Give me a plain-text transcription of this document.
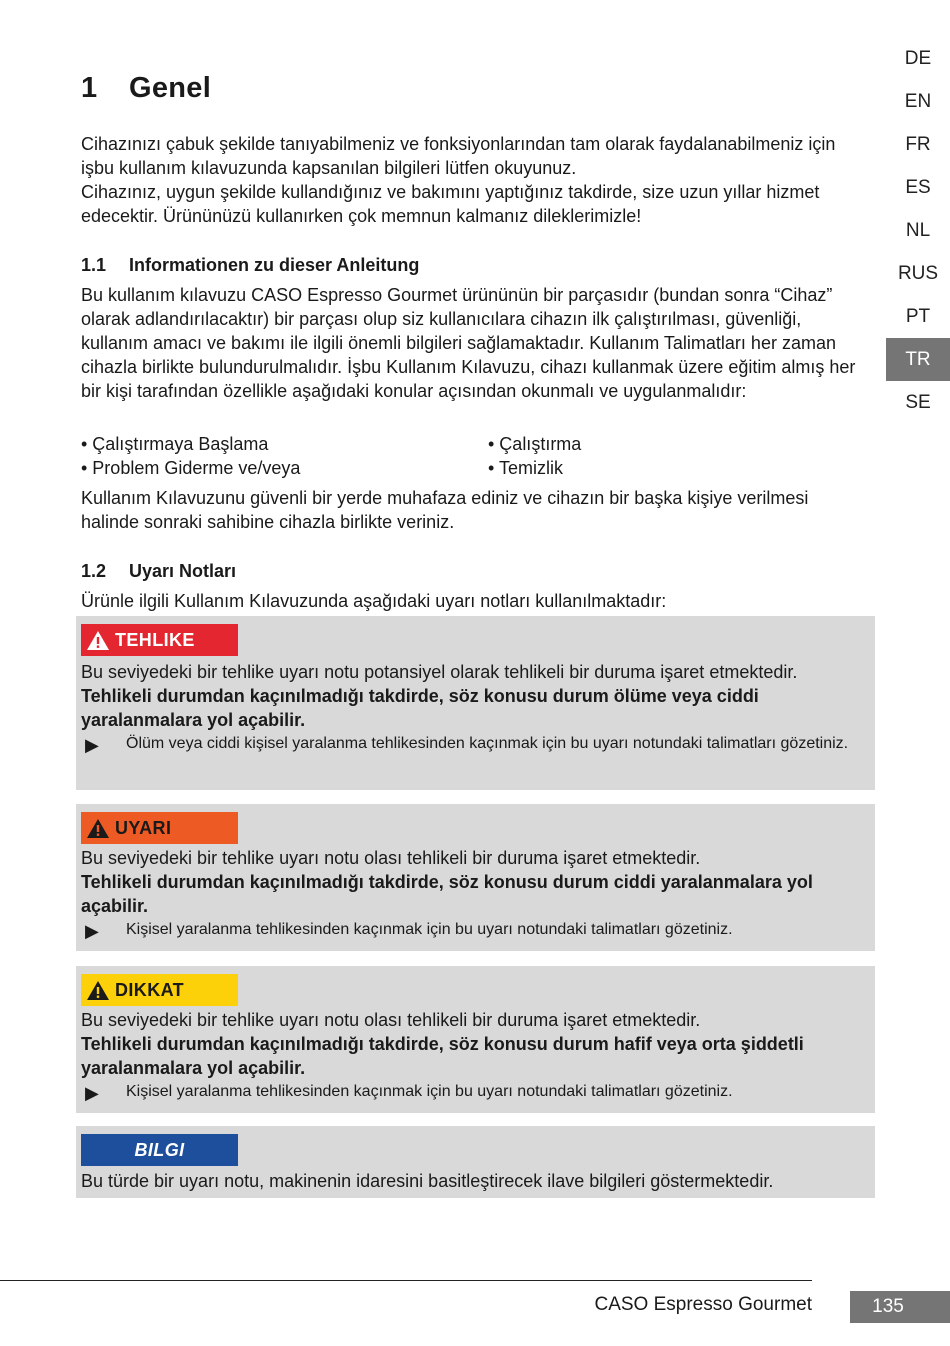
1 Genel

Cihazınızı çabuk şekilde tanıyabilmeniz ve fonksiyonlarından tam olarak faydalanabilmeniz için işbu kullanım kılavuzunda kapsanılan bilgileri lütfen okuyunuz.

Cihazınız, uygun şekilde kullandığınız ve bakımını yaptığınız takdirde, size uzun yıllar hizmet edecektir. Ürününüzü kullanırken çok memnun kalmanız dileklerimizle!

1.1 Informationen zu dieser Anleitung

Bu kullanım kılavuzu CASO Espresso Gourmet ürününün bir parçasıdır (bundan sonra “Cihaz” olarak adlandırılacaktır) bir parçası olup siz kullanıcılara cihazın ilk çalıştırılması, güvenliği, kullanım amacı ve bakımı ile ilgili önemli bilgileri sağlamaktadır. Kullanım Talimatları her zaman cihazla birlikte bulundurulmalıdır. İşbu Kullanım Kılavuzu, cihazı kullanmak üzere eğitim almış her bir kişi tarafından özellikle aşağıdaki konular açısından okunmalı ve uygulanmalıdır:

• Çalıştırmaya Başlama	• Çalıştırma
• Problem Giderme ve/veya	• Temizlik

Kullanım Kılavuzunu güvenli bir yerde muhafaza ediniz ve cihazın bir başka kişiye verilmesi halinde sonraki sahibine cihazla birlikte veriniz.

1.2 Uyarı Notları

Ürünle ilgili Kullanım Kılavuzunda aşağıdaki uyarı notları kullanılmaktadır:

TEHLIKE

Bu seviyedeki bir tehlike uyarı notu potansiyel olarak tehlikeli bir duruma işaret etmektedir. Tehlikeli durumdan kaçınılmadığı takdirde, söz konusu durum ölüme veya ciddi yaralanmalara yol açabilir.

▶	Ölüm veya ciddi kişisel yaralanma tehlikesinden kaçınmak için bu uyarı notundaki talimatları gözetiniz.
UYARI

Bu seviyedeki bir tehlike uyarı notu olası tehlikeli bir duruma işaret etmektedir.

Tehlikeli durumdan kaçınılmadığı takdirde, söz konusu durum ciddi yaralanmalara yol açabilir.

▶	Kişisel yaralanma tehlikesinden kaçınmak için bu uyarı notundaki talimatları gözetiniz.
DIKKAT

Bu seviyedeki bir tehlike uyarı notu olası tehlikeli bir duruma işaret etmektedir.

Tehlikeli durumdan kaçınılmadığı takdirde, söz konusu durum hafif veya orta şiddetli yaralanmalara yol açabilir.

▶	Kişisel yaralanma tehlikesinden kaçınmak için bu uyarı notundaki talimatları gözetiniz.
BILGI

Bu türde bir uyarı notu, makinenin idaresini basitleştirecek ilave bilgileri göstermektedir.

DE
EN
FR
ES
NL
RUS
PT
TR
SE
CASO Espresso Gourmet	135
